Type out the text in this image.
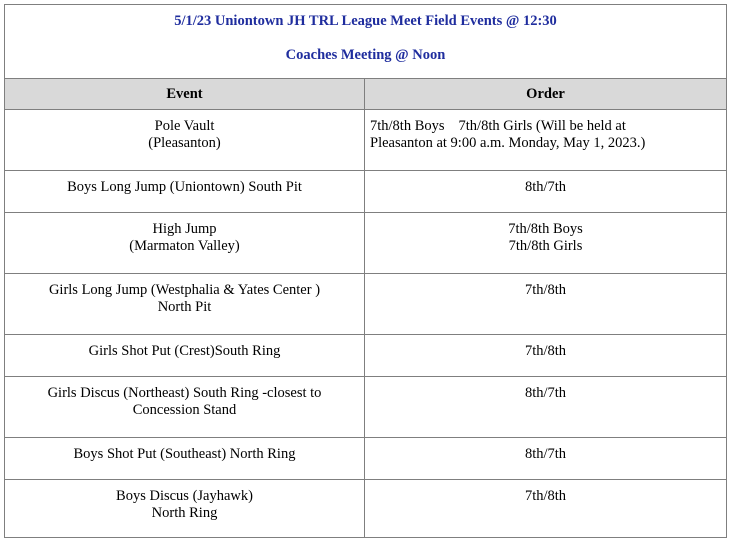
5/1/23 Uniontown JH TRL League Meet Field Events @ 12:30
Coaches Meeting @ Noon	

Event	Order

Pole Vault
(Pleasanton)	7th/8th Boys 7th/8th Girls (Will be held at
Pleasanton at 9:00 a.m. Monday, May 1, 2023.)

Boys Long Jump (Uniontown) South Pit	8th/7th

High Jump
(Marmaton Valley)	7th/8th Boys
7th/8th Girls

Girls Long Jump (Westphalia & Yates Center )
North Pit	7th/8th

Girls Shot Put (Crest)South Ring	7th/8th

Girls Discus (Northeast) South Ring -closest to
Concession Stand	8th/7th

Boys Shot Put (Southeast) North Ring	8th/7th

Boys Discus (Jayhawk)
North Ring	7th/8th
